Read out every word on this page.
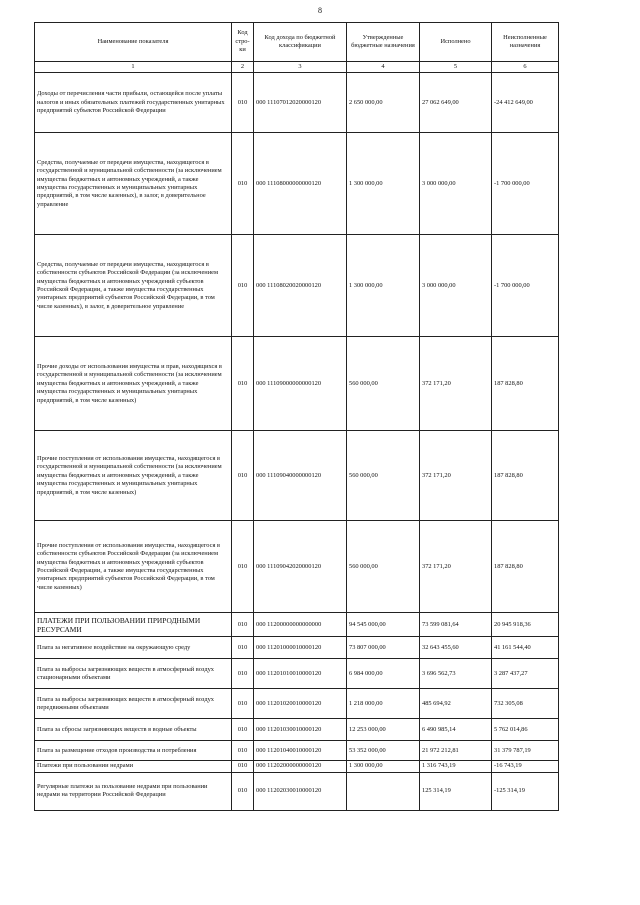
8
Наименование показателя	Код стро-ки	Код дохода по бюджетной классификации	Утвержденные бюджетные назначения	Исполнено	Неисполненные назначения
1	2	3	4	5	6
Доходы от перечисления части прибыли, остающейся после уплаты налогов и иных обязательных платежей государственных унитарных предприятий субъектов Российской Федерации	010	000 11107012020000120	2 650 000,00	27 062 649,00	-24 412 649,00
Средства, получаемые от передачи имущества, находящегося в государственной и муниципальной собственности (за исключением имущества бюджетных и автономных учреждений, а также имущества государственных и муниципальных унитарных предприятий, в том числе казенных), в залог, в доверительное управление	010	000 11108000000000120	1 300 000,00	3 000 000,00	-1 700 000,00
Средства, получаемые от передачи имущества, находящегося в собственности субъектов Российской Федерации (за исключением имущества бюджетных и автономных учреждений субъектов Российской Федерации, а также имущества государственных унитарных предприятий субъектов Российской Федерации, в том числе казенных), в залог, в доверительное управление	010	000 11108020020000120	1 300 000,00	3 000 000,00	-1 700 000,00
Прочие доходы от использования имущества и прав, находящихся в государственной и муниципальной собственности (за исключением имущества бюджетных и автономных учреждений, а также имущества государственных и муниципальных унитарных предприятий, в том числе казенных)	010	000 11109000000000120	560 000,00	372 171,20	187 828,80
Прочие поступления от использования имущества, находящегося в государственной и муниципальной собственности (за исключением имущества бюджетных и автономных учреждений, а также имущества государственных и муниципальных унитарных предприятий, в том числе казенных)	010	000 11109040000000120	560 000,00	372 171,20	187 828,80
Прочие поступления от использования имущества, находящегося в собственности субъектов Российской Федерации (за исключением имущества бюджетных и автономных учреждений субъектов Российской Федерации, а также имущества государственных унитарных предприятий субъектов Российской Федерации, в том числе казенных)	010	000 11109042020000120	560 000,00	372 171,20	187 828,80
ПЛАТЕЖИ ПРИ ПОЛЬЗОВАНИИ ПРИРОДНЫМИ РЕСУРСАМИ	010	000 11200000000000000	94 545 000,00	73 599 081,64	20 945 918,36
Плата за негативное воздействие на окружающую среду	010	000 11201000010000120	73 807 000,00	32 643 455,60	41 161 544,40
Плата за выбросы загрязняющих веществ в атмосферный воздух стационарными объектами	010	000 11201010010000120	6 984 000,00	3 696 562,73	3 287 437,27
Плата за выбросы загрязняющих веществ в атмосферный воздух передвижными объектами	010	000 11201020010000120	1 218 000,00	485 694,92	732 305,08
Плата за сбросы загрязняющих веществ в водные объекты	010	000 11201030010000120	12 253 000,00	6 490 985,14	5 762 014,86
Плата за размещение отходов производства и потребления	010	000 11201040010000120	53 352 000,00	21 972 212,81	31 379 787,19
Платежи при пользовании недрами	010	000 11202000000000120	1 300 000,00	1 316 743,19	-16 743,19
Регулярные платежи за пользование недрами при пользовании недрами на территории Российской Федерации	010	000 11202030010000120		125 314,19	-125 314,19
